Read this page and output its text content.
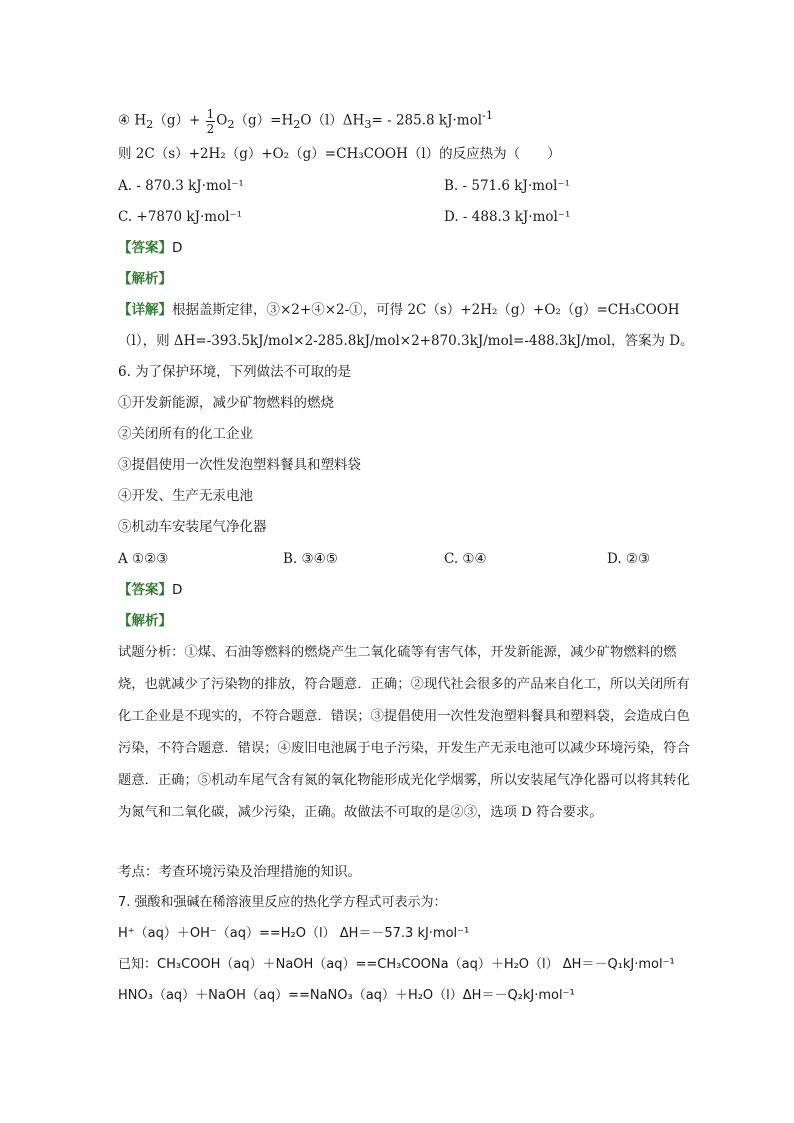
④ $H_2(g)+ \frac{1}{2} O_2(g)=H_2O(l)\Delta H_3= - 285.8$ kJ·mol$^{-1}$
则 2C（s）+2H₂（g）+O₂（g）=CH₃COOH（l）的反应热为（　　）
A. - 870.3 kJ·mol⁻¹	B. - 571.6 kJ·mol⁻¹
C. +7870 kJ·mol⁻¹	D. - 488.3 kJ·mol⁻¹
【答案】D
【解析】
【详解】根据盖斯定律，③×2+④×2-①，可得 2C（s）+2H₂（g）+O₂（g）=CH₃COOH
（l），则 ΔH=-393.5kJ/mol×2-285.8kJ/mol×2+870.3kJ/mol=-488.3kJ/mol，答案为 D。
6. 为了保护环境，下列做法不可取的是
①开发新能源，减少矿物燃料的燃烧
②关闭所有的化工企业
③提倡使用一次性发泡塑料餐具和塑料袋
④开发、生产无汞电池
⑤机动车安装尾气净化器
A ①②③	B. ③④⑤	C. ①④	D. ②③
【答案】D
【解析】
试题分析：①煤、石油等燃料的燃烧产生二氧化硫等有害气体，开发新能源，减少矿物燃料的燃烧，也就减少了污染物的排放，符合题意．正确；②现代社会很多的产品来自化工，所以关闭所有化工企业是不现实的，不符合题意．错误；③提倡使用一次性发泡塑料餐具和塑料袋，会造成白色污染，不符合题意．错误；④废旧电池属于电子污染，开发生产无汞电池可以减少环境污染，符合题意．正确；⑤机动车尾气含有氮的氧化物能形成光化学烟雾，所以安装尾气净化器可以将其转化为氮气和二氧化碳，减少污染，正确。故做法不可取的是②③，选项 D 符合要求。
考点：考查环境污染及治理措施的知识。
7. 强酸和强碱在稀溶液里反应的热化学方程式可表示为：
H⁺（aq）＋OH⁻（aq）==H₂O（l） ΔH＝－57.3 kJ·mol⁻¹
已知：CH₃COOH（aq）＋NaOH（aq）==CH₃COONa（aq）＋H₂O（l） ΔH＝－Q₁kJ·mol⁻¹
HNO₃（aq）＋NaOH（aq）==NaNO₃（aq）＋H₂O（l）ΔH＝－Q₂kJ·mol⁻¹
